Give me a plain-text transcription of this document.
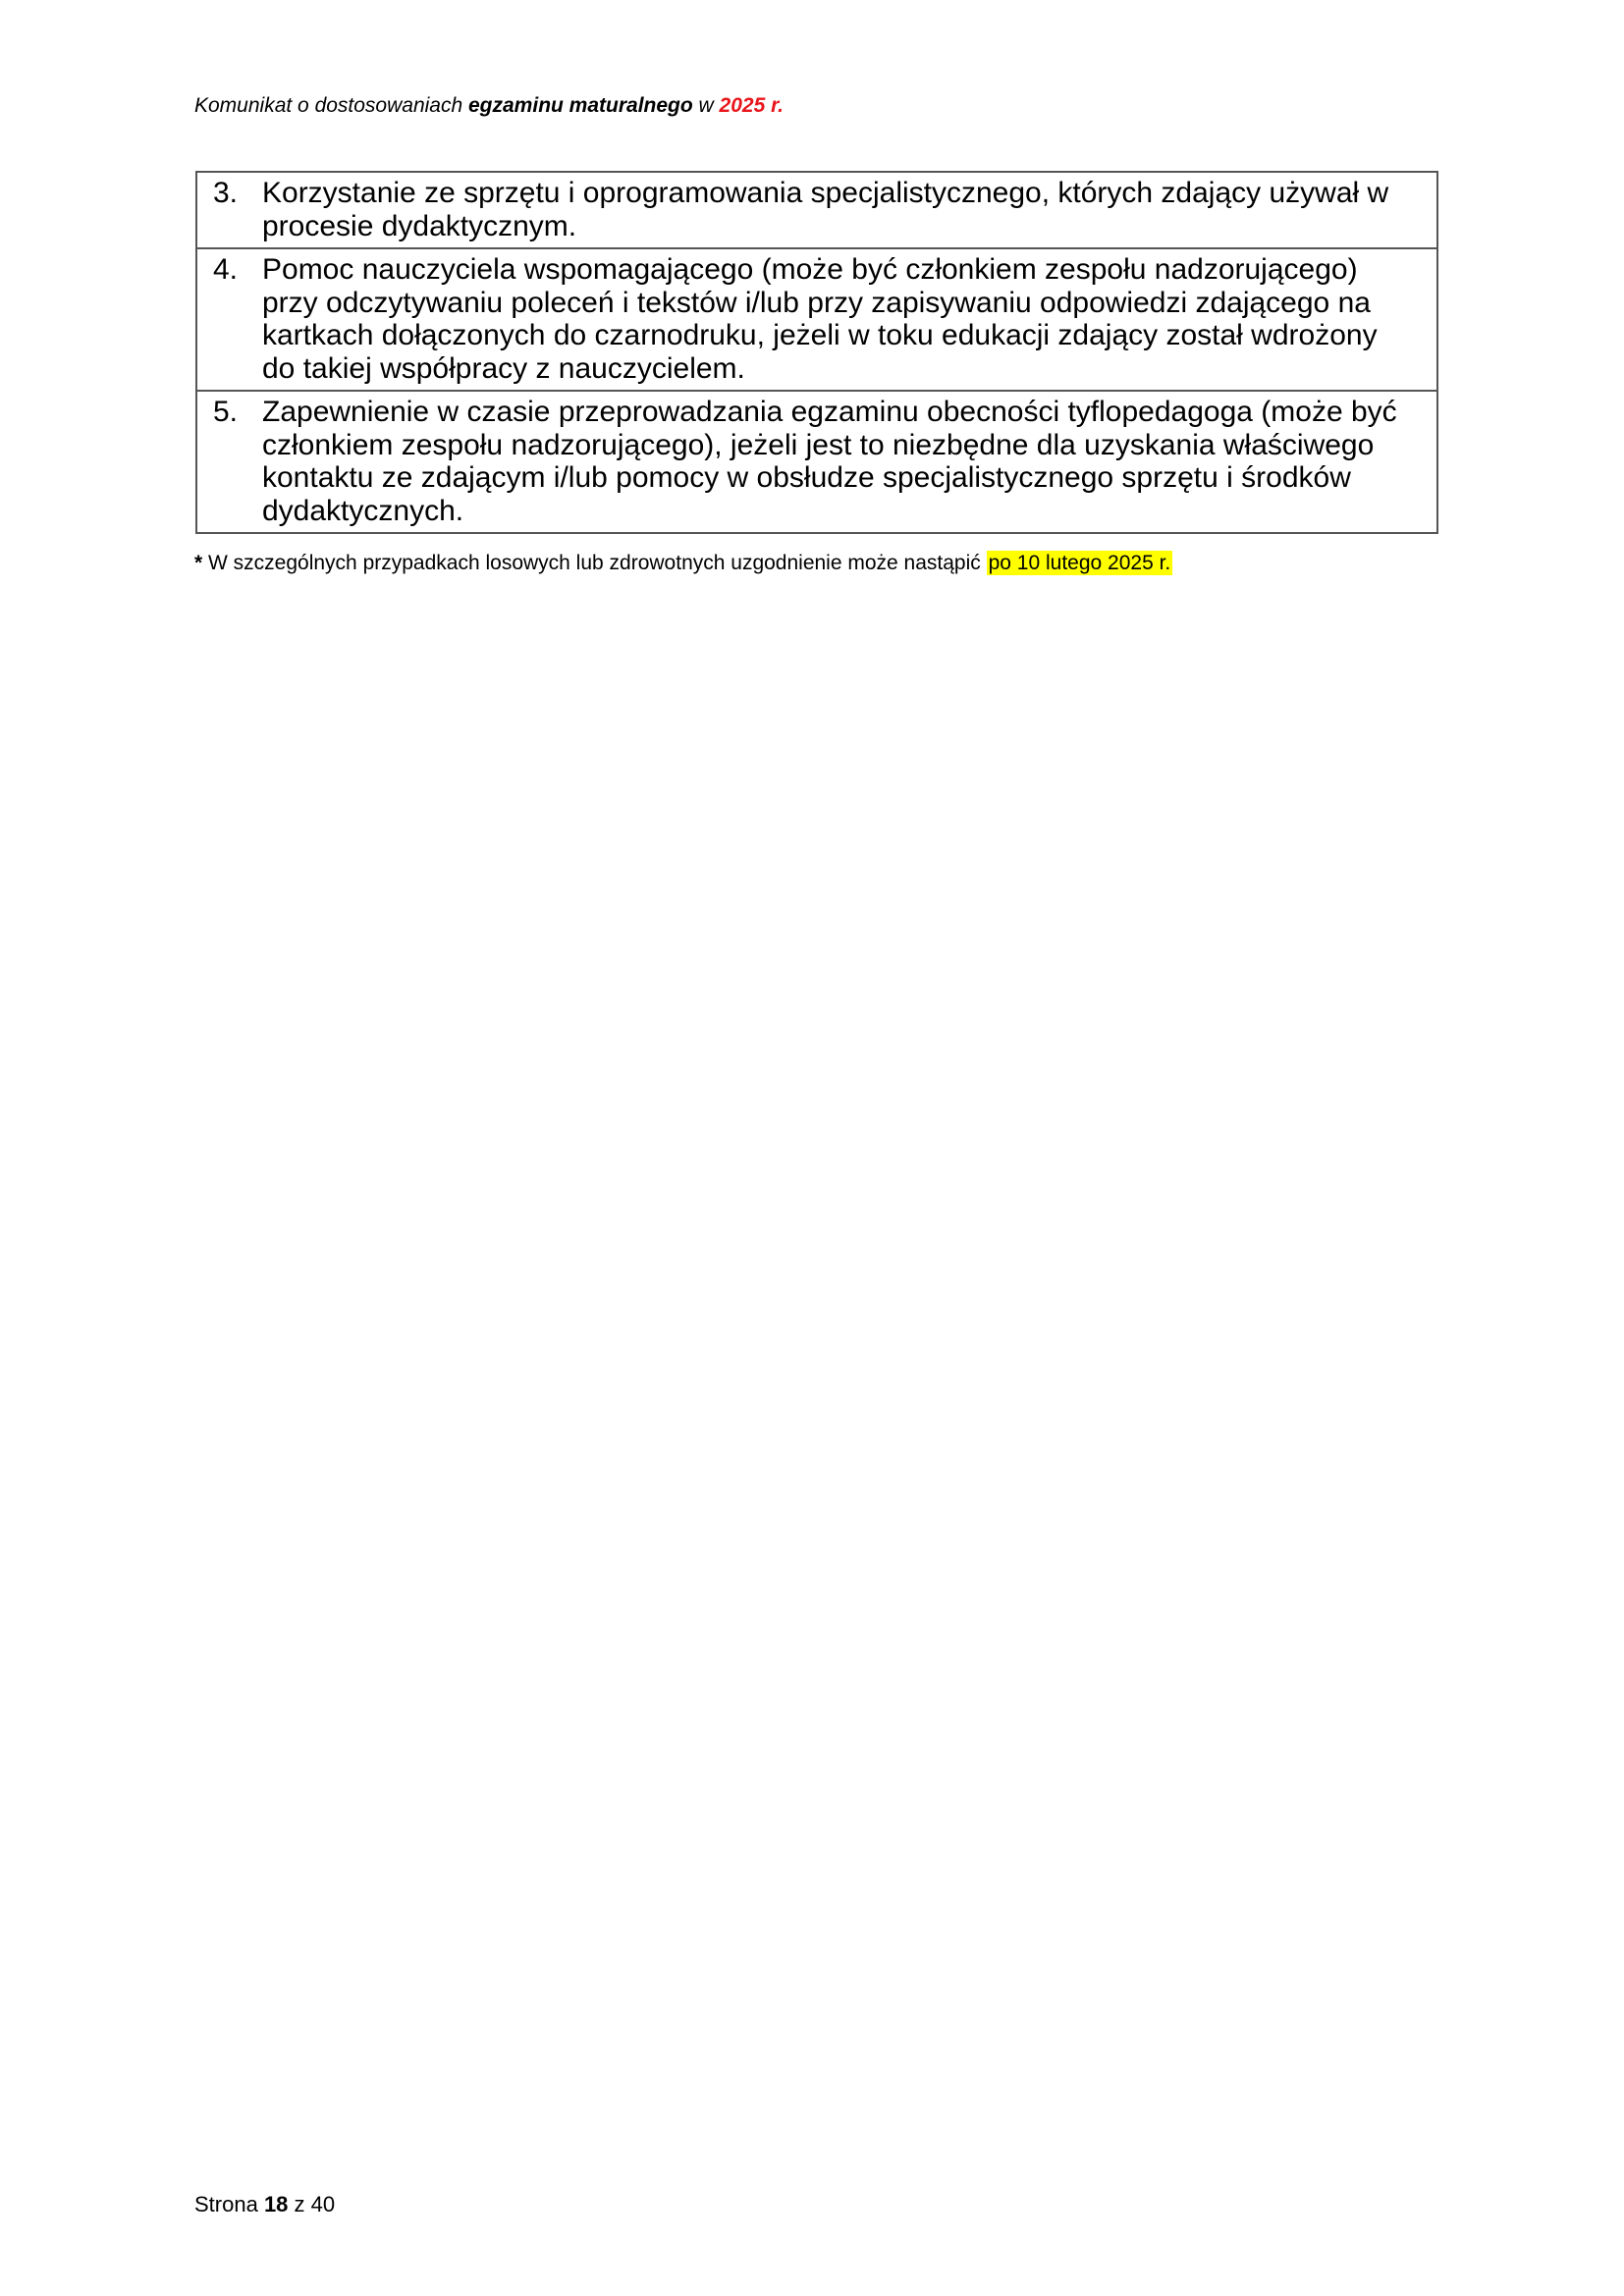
Komunikat o dostosowaniach egzaminu maturalnego w 2025 r.
3. Korzystanie ze sprzętu i oprogramowania specjalistycznego, których zdający używał w procesie dydaktycznym.

4. Pomoc nauczyciela wspomagającego (może być członkiem zespołu nadzorującego) przy odczytywaniu poleceń i tekstów i/lub przy zapisywaniu odpowiedzi zdającego na kartkach dołączonych do czarnodruku, jeżeli w toku edukacji zdający został wdrożony do takiej współpracy z nauczycielem.

5. Zapewnienie w czasie przeprowadzania egzaminu obecności tyflopedagoga (może być członkiem zespołu nadzorującego), jeżeli jest to niezbędne dla uzyskania właściwego kontaktu ze zdającym i/lub pomocy w obsłudze specjalistycznego sprzętu i środków dydaktycznych.
* W szczególnych przypadkach losowych lub zdrowotnych uzgodnienie może nastąpić po 10 lutego 2025 r.
Strona 18 z 40
